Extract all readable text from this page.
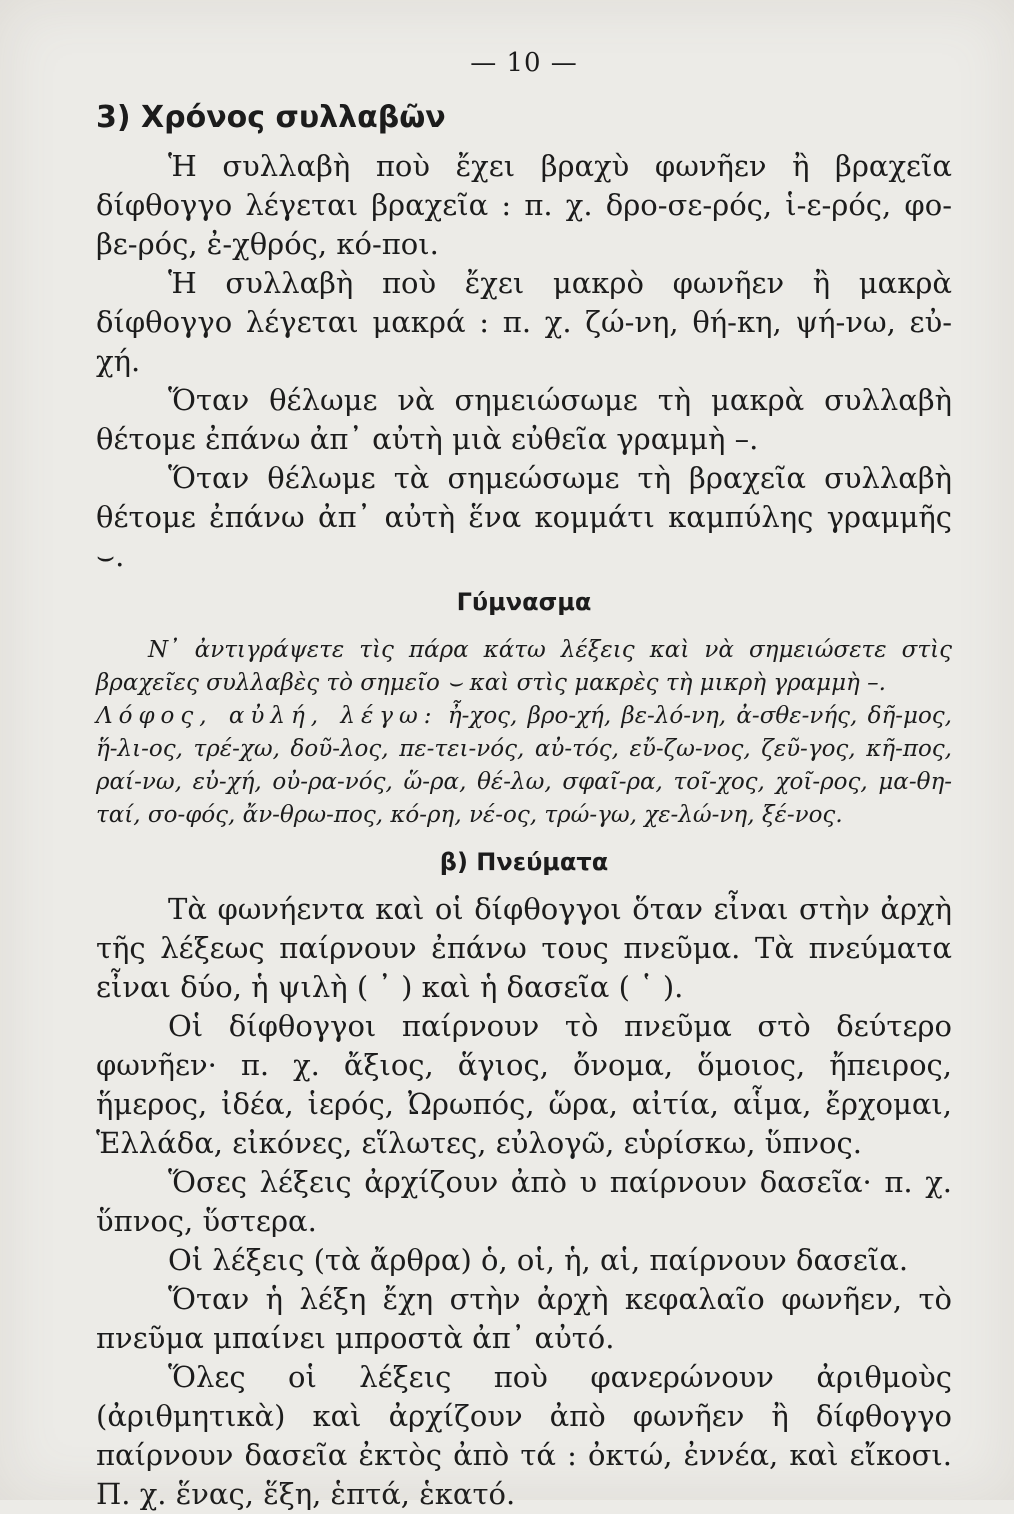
— 10 —
3) Χρόνος συλλαβῶν

Ἡ συλλαβὴ ποὺ ἔχει βραχὺ φωνῆεν ἢ βραχεῖα δίφθογγο λέγεται βραχεῖα : π. χ. δρο-σε-ρός, ἱ-ε-ρός, φο-βε-ρός, ἐ-χθρός, κό-ποι.

Ἡ συλλαβὴ ποὺ ἔχει μακρὸ φωνῆεν ἢ μακρὰ δίφθογγο λέγεται μακρά : π. χ. ζώ-νη, θή-κη, ψή-νω, εὐ-χή.

Ὅταν θέλωμε νὰ σημειώσωμε τὴ μακρὰ συλλαβὴ θέτομε ἐπάνω ἀπ᾿ αὐτὴ μιὰ εὐθεῖα γραμμὴ –.

Ὅταν θέλωμε τὰ σημεώσωμε τὴ βραχεῖα συλλαβὴ θέτομε ἐπάνω ἀπ᾿ αὐτὴ ἕνα κομμάτι καμπύλης γραμμῆς ⌣.

Γύμνασμα

Ν᾿ ἀντιγράψετε τὶς πάρα κάτω λέξεις καὶ νὰ σημειώσετε στὶς βραχεῖες συλλαβὲς τὸ σημεῖο ⌣ καὶ στὶς μακρὲς τὴ μικρὴ γραμμὴ –.

Λόφος, αὐλή, λέγω: ἦ-χος, βρο-χή, βε-λό-νη, ἀ-σθε-νής, δῆ-μος, ἥ-λι-ος, τρέ-χω, δοῦ-λος, πε-τει-νός, αὐ-τός, εὔ-ζω-νος, ζεῦ-γος, κῆ-πος, ραί-νω, εὐ-χή, οὐ-ρα-νός, ὥ-ρα, θέ-λω, σφαῖ-ρα, τοῖ-χος, χοῖ-ρος, μα-θη-ταί, σο-φός, ἄν-θρω-πος, κό-ρη, νέ-ος, τρώ-γω, χε-λώ-νη, ξέ-νος.

β) Πνεύματα

Τὰ φωνήεντα καὶ οἱ δίφθογγοι ὅταν εἶναι στὴν ἀρχὴ τῆς λέξεως παίρνουν ἐπάνω τους πνεῦμα. Τὰ πνεύματα εἶναι δύο, ἡ ψιλὴ ( ᾿ ) καὶ ἡ δασεῖα ( ῾ ).

Οἱ δίφθογγοι παίρνουν τὸ πνεῦμα στὸ δεύτερο φωνῆεν· π. χ. ἄξιος, ἅγιος, ὄνομα, ὅμοιος, ἤπειρος, ἥμερος, ἰδέα, ἱερός, Ὠρωπός, ὥρα, αἰτία, αἷμα, ἔρχομαι, Ἑλλάδα, εἰκόνες, εἵλωτες, εὐλογῶ, εὑρίσκω, ὕπνος.

Ὅσες λέξεις ἀρχίζουν ἀπὸ υ παίρνουν δασεῖα· π. χ. ὕπνος, ὕστερα.

Οἱ λέξεις (τὰ ἄρθρα) ὁ, οἱ, ἡ, αἱ, παίρνουν δασεῖα.

Ὅταν ἡ λέξη ἔχη στὴν ἀρχὴ κεφαλαῖο φωνῆεν, τὸ πνεῦμα μπαίνει μπροστὰ ἀπ᾿ αὐτό.

Ὅλες οἱ λέξεις ποὺ φανερώνουν ἀριθμοὺς (ἀριθμητικὰ) καὶ ἀρχίζουν ἀπὸ φωνῆεν ἢ δίφθογγο παίρνουν δασεῖα ἐκτὸς ἀπὸ τά : ὀκτώ, ἐννέα, καὶ εἴκοσι. Π. χ. ἕνας, ἕξη, ἑπτά, ἑκατό.
